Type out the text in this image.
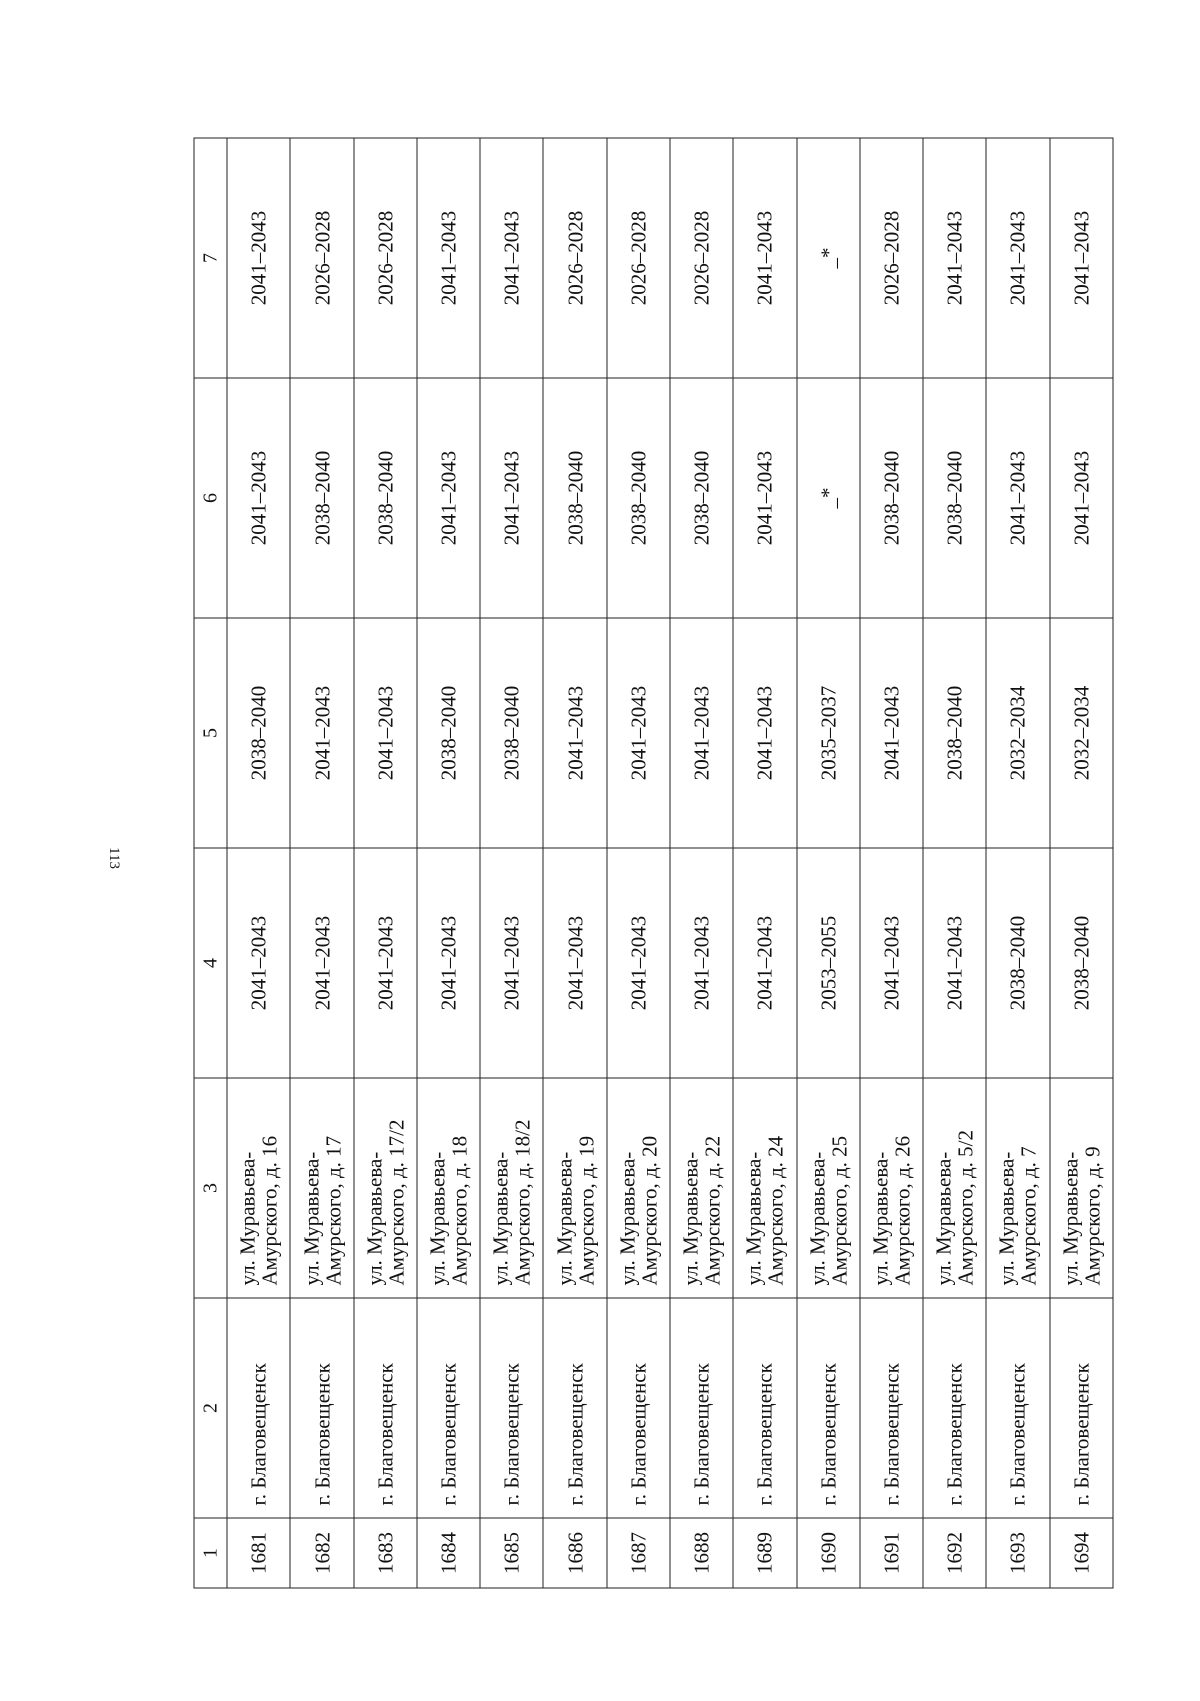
113
1	2	3	4	5	6	7
1681	г. Благовещенск	ул. Муравьева-Амурского, д. 16	2041–2043	2038–2040	2041–2043	2041–2043
1682	г. Благовещенск	ул. Муравьева-Амурского, д. 17	2041–2043	2041–2043	2038–2040	2026–2028
1683	г. Благовещенск	ул. Муравьева-Амурского, д. 17/2	2041–2043	2041–2043	2038–2040	2026–2028
1684	г. Благовещенск	ул. Муравьева-Амурского, д. 18	2041–2043	2038–2040	2041–2043	2041–2043
1685	г. Благовещенск	ул. Муравьева-Амурского, д. 18/2	2041–2043	2038–2040	2041–2043	2041–2043
1686	г. Благовещенск	ул. Муравьева-Амурского, д. 19	2041–2043	2041–2043	2038–2040	2026–2028
1687	г. Благовещенск	ул. Муравьева-Амурского, д. 20	2041–2043	2041–2043	2038–2040	2026–2028
1688	г. Благовещенск	ул. Муравьева-Амурского, д. 22	2041–2043	2041–2043	2038–2040	2026–2028
1689	г. Благовещенск	ул. Муравьева-Амурского, д. 24	2041–2043	2041–2043	2041–2043	2041–2043
1690	г. Благовещенск	ул. Муравьева-Амурского, д. 25	2053–2055	2035–2037	_*	_*
1691	г. Благовещенск	ул. Муравьева-Амурского, д. 26	2041–2043	2041–2043	2038–2040	2026–2028
1692	г. Благовещенск	ул. Муравьева-Амурского, д. 5/2	2041–2043	2038–2040	2038–2040	2041–2043
1693	г. Благовещенск	ул. Муравьева-Амурского, д. 7	2038–2040	2032–2034	2041–2043	2041–2043
1694	г. Благовещенск	ул. Муравьева-Амурского, д. 9	2038–2040	2032–2034	2041–2043	2041–2043
